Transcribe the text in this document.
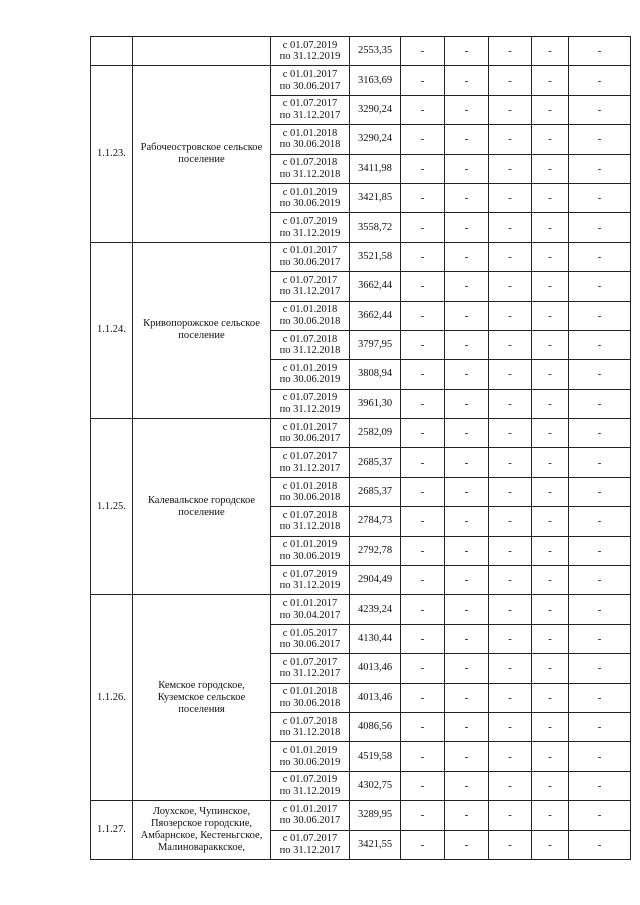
		с 01.07.2019
по 31.12.2019	2553,35	-	-	-	-	-
1.1.23.	Рабочеостровское сельское поселение	с 01.01.2017
по 30.06.2017	3163,69	-	-	-	-	-

		с 01.07.2017
по 31.12.2017	3290,24	-	-	-	-	-

		с 01.01.2018
по 30.06.2018	3290,24	-	-	-	-	-

		с 01.07.2018
по 31.12.2018	3411,98	-	-	-	-	-

		с 01.01.2019
по 30.06.2019	3421,85	-	-	-	-	-

		с 01.07.2019
по 31.12.2019	3558,72	-	-	-	-	-
1.1.24.	Кривопорожское сельское поселение	с 01.01.2017
по 30.06.2017	3521,58	-	-	-	-	-

		с 01.07.2017
по 31.12.2017	3662,44	-	-	-	-	-

		с 01.01.2018
по 30.06.2018	3662,44	-	-	-	-	-

		с 01.07.2018
по 31.12.2018	3797,95	-	-	-	-	-

		с 01.01.2019
по 30.06.2019	3808,94	-	-	-	-	-

		с 01.07.2019
по 31.12.2019	3961,30	-	-	-	-	-
1.1.25.	Калевальское городское поселение	с 01.01.2017
по 30.06.2017	2582,09	-	-	-	-	-

		с 01.07.2017
по 31.12.2017	2685,37	-	-	-	-	-

		с 01.01.2018
по 30.06.2018	2685,37	-	-	-	-	-

		с 01.07.2018
по 31.12.2018	2784,73	-	-	-	-	-

		с 01.01.2019
по 30.06.2019	2792,78	-	-	-	-	-

		с 01.07.2019
по 31.12.2019	2904,49	-	-	-	-	-
1.1.26.	Кемское городское, Куземское сельское поселения	с 01.01.2017
по 30.04.2017	4239,24	-	-	-	-	-

		с 01.05.2017
по 30.06.2017	4130,44	-	-	-	-	-

		с 01.07.2017
по 31.12.2017	4013,46	-	-	-	-	-

		с 01.01.2018
по 30.06.2018	4013,46	-	-	-	-	-

		с 01.07.2018
по 31.12.2018	4086,56	-	-	-	-	-

		с 01.01.2019
по 30.06.2019	4519,58	-	-	-	-	-

		с 01.07.2019
по 31.12.2019	4302,75	-	-	-	-	-
1.1.27.	Лоухское, Чупинское, Пяозерское городские, Амбарнское, Кестеньгское, Малиновараккское,	с 01.01.2017
по 30.06.2017	3289,95	-	-	-	-	-

		с 01.07.2017
по 31.12.2017	3421,55	-	-	-	-	-
